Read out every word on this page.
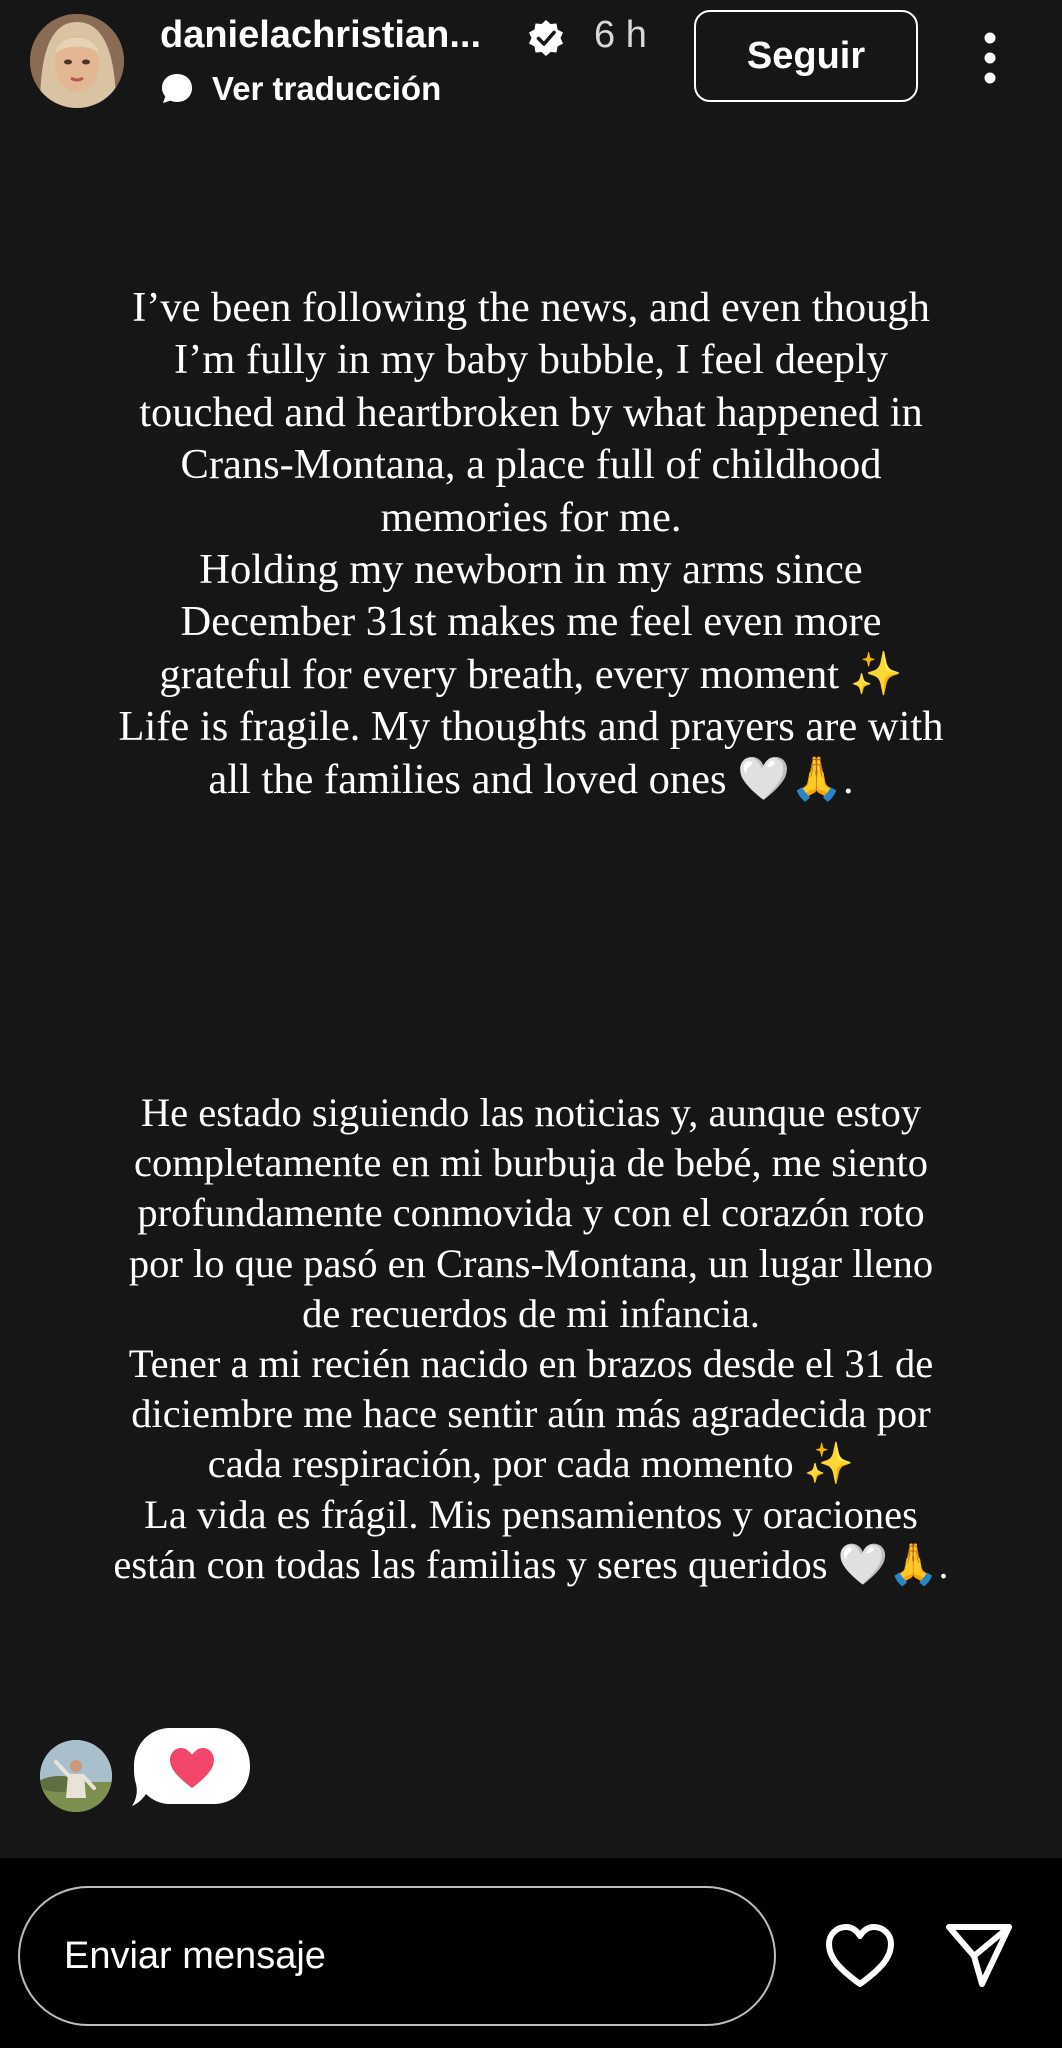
danielachristian...	6 h
Ver traducción
Seguir
I’ve been following the news, and even though
I’m fully in my baby bubble, I feel deeply
touched and heartbroken by what happened in
Crans-Montana, a place full of childhood
memories for me.
Holding my newborn in my arms since
December 31st makes me feel even more
grateful for every breath, every moment ✨
Life is fragile. My thoughts and prayers are with
all the families and loved ones 🤍🙏.
He estado siguiendo las noticias y, aunque estoy
completamente en mi burbuja de bebé, me siento
profundamente conmovida y con el corazón roto
por lo que pasó en Crans-Montana, un lugar lleno
de recuerdos de mi infancia.
Tener a mi recién nacido en brazos desde el 31 de
diciembre me hace sentir aún más agradecida por
cada respiración, por cada momento ✨
La vida es frágil. Mis pensamientos y oraciones
están con todas las familias y seres queridos 🤍🙏.
Enviar mensaje
